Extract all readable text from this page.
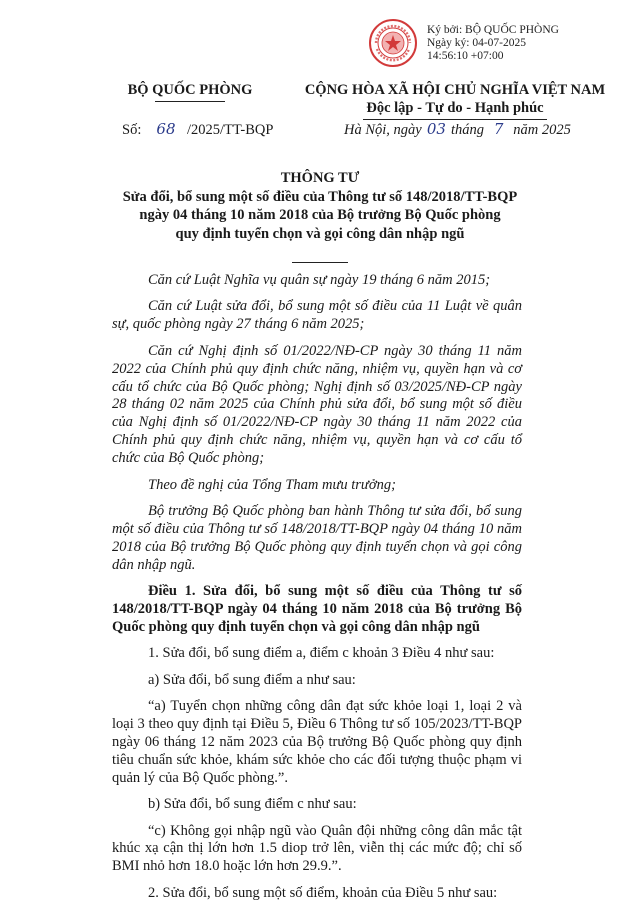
Ký bởi: BỘ QUỐC PHÒNG
Ngày ký: 04-07-2025
14:56:10 +07:00
BỘ QUỐC PHÒNG	CỘNG HÒA XÃ HỘI CHỦ NGHĨA VIỆT NAM
Độc lập - Tự do - Hạnh phúc
Số: 68 /2025/TT-BQP	Hà Nội, ngày 03 tháng 7 năm 2025
THÔNG TƯ
Sửa đổi, bổ sung một số điều của Thông tư số 148/2018/TT-BQP
ngày 04 tháng 10 năm 2018 của Bộ trưởng Bộ Quốc phòng
quy định tuyển chọn và gọi công dân nhập ngũ

Căn cứ Luật Nghĩa vụ quân sự ngày 19 tháng 6 năm 2015;

Căn cứ Luật sửa đổi, bổ sung một số điều của 11 Luật về quân sự, quốc phòng ngày 27 tháng 6 năm 2025;

Căn cứ Nghị định số 01/2022/NĐ-CP ngày 30 tháng 11 năm 2022 của Chính phủ quy định chức năng, nhiệm vụ, quyền hạn và cơ cấu tổ chức của Bộ Quốc phòng; Nghị định số 03/2025/NĐ-CP ngày 28 tháng 02 năm 2025 của Chính phủ sửa đổi, bổ sung một số điều của Nghị định số 01/2022/NĐ-CP ngày 30 tháng 11 năm 2022 của Chính phủ quy định chức năng, nhiệm vụ, quyền hạn và cơ cấu tổ chức của Bộ Quốc phòng;

Theo đề nghị của Tổng Tham mưu trưởng;

Bộ trưởng Bộ Quốc phòng ban hành Thông tư sửa đổi, bổ sung một số điều của Thông tư số 148/2018/TT-BQP ngày 04 tháng 10 năm 2018 của Bộ trưởng Bộ Quốc phòng quy định tuyển chọn và gọi công dân nhập ngũ.

Điều 1. Sửa đổi, bổ sung một số điều của Thông tư số 148/2018/TT-BQP ngày 04 tháng 10 năm 2018 của Bộ trưởng Bộ Quốc phòng quy định tuyển chọn và gọi công dân nhập ngũ

1. Sửa đổi, bổ sung điểm a, điểm c khoản 3 Điều 4 như sau:

a) Sửa đổi, bổ sung điểm a như sau:

“a) Tuyển chọn những công dân đạt sức khỏe loại 1, loại 2 và loại 3 theo quy định tại Điều 5, Điều 6 Thông tư số 105/2023/TT-BQP ngày 06 tháng 12 năm 2023 của Bộ trưởng Bộ Quốc phòng quy định tiêu chuẩn sức khỏe, khám sức khỏe cho các đối tượng thuộc phạm vi quản lý của Bộ Quốc phòng.”.

b) Sửa đổi, bổ sung điểm c như sau:

“c) Không gọi nhập ngũ vào Quân đội những công dân mắc tật khúc xạ cận thị lớn hơn 1.5 diop trở lên, viễn thị các mức độ; chỉ số BMI nhỏ hơn 18.0 hoặc lớn hơn 29.9.”.

2. Sửa đổi, bổ sung một số điểm, khoản của Điều 5 như sau:
